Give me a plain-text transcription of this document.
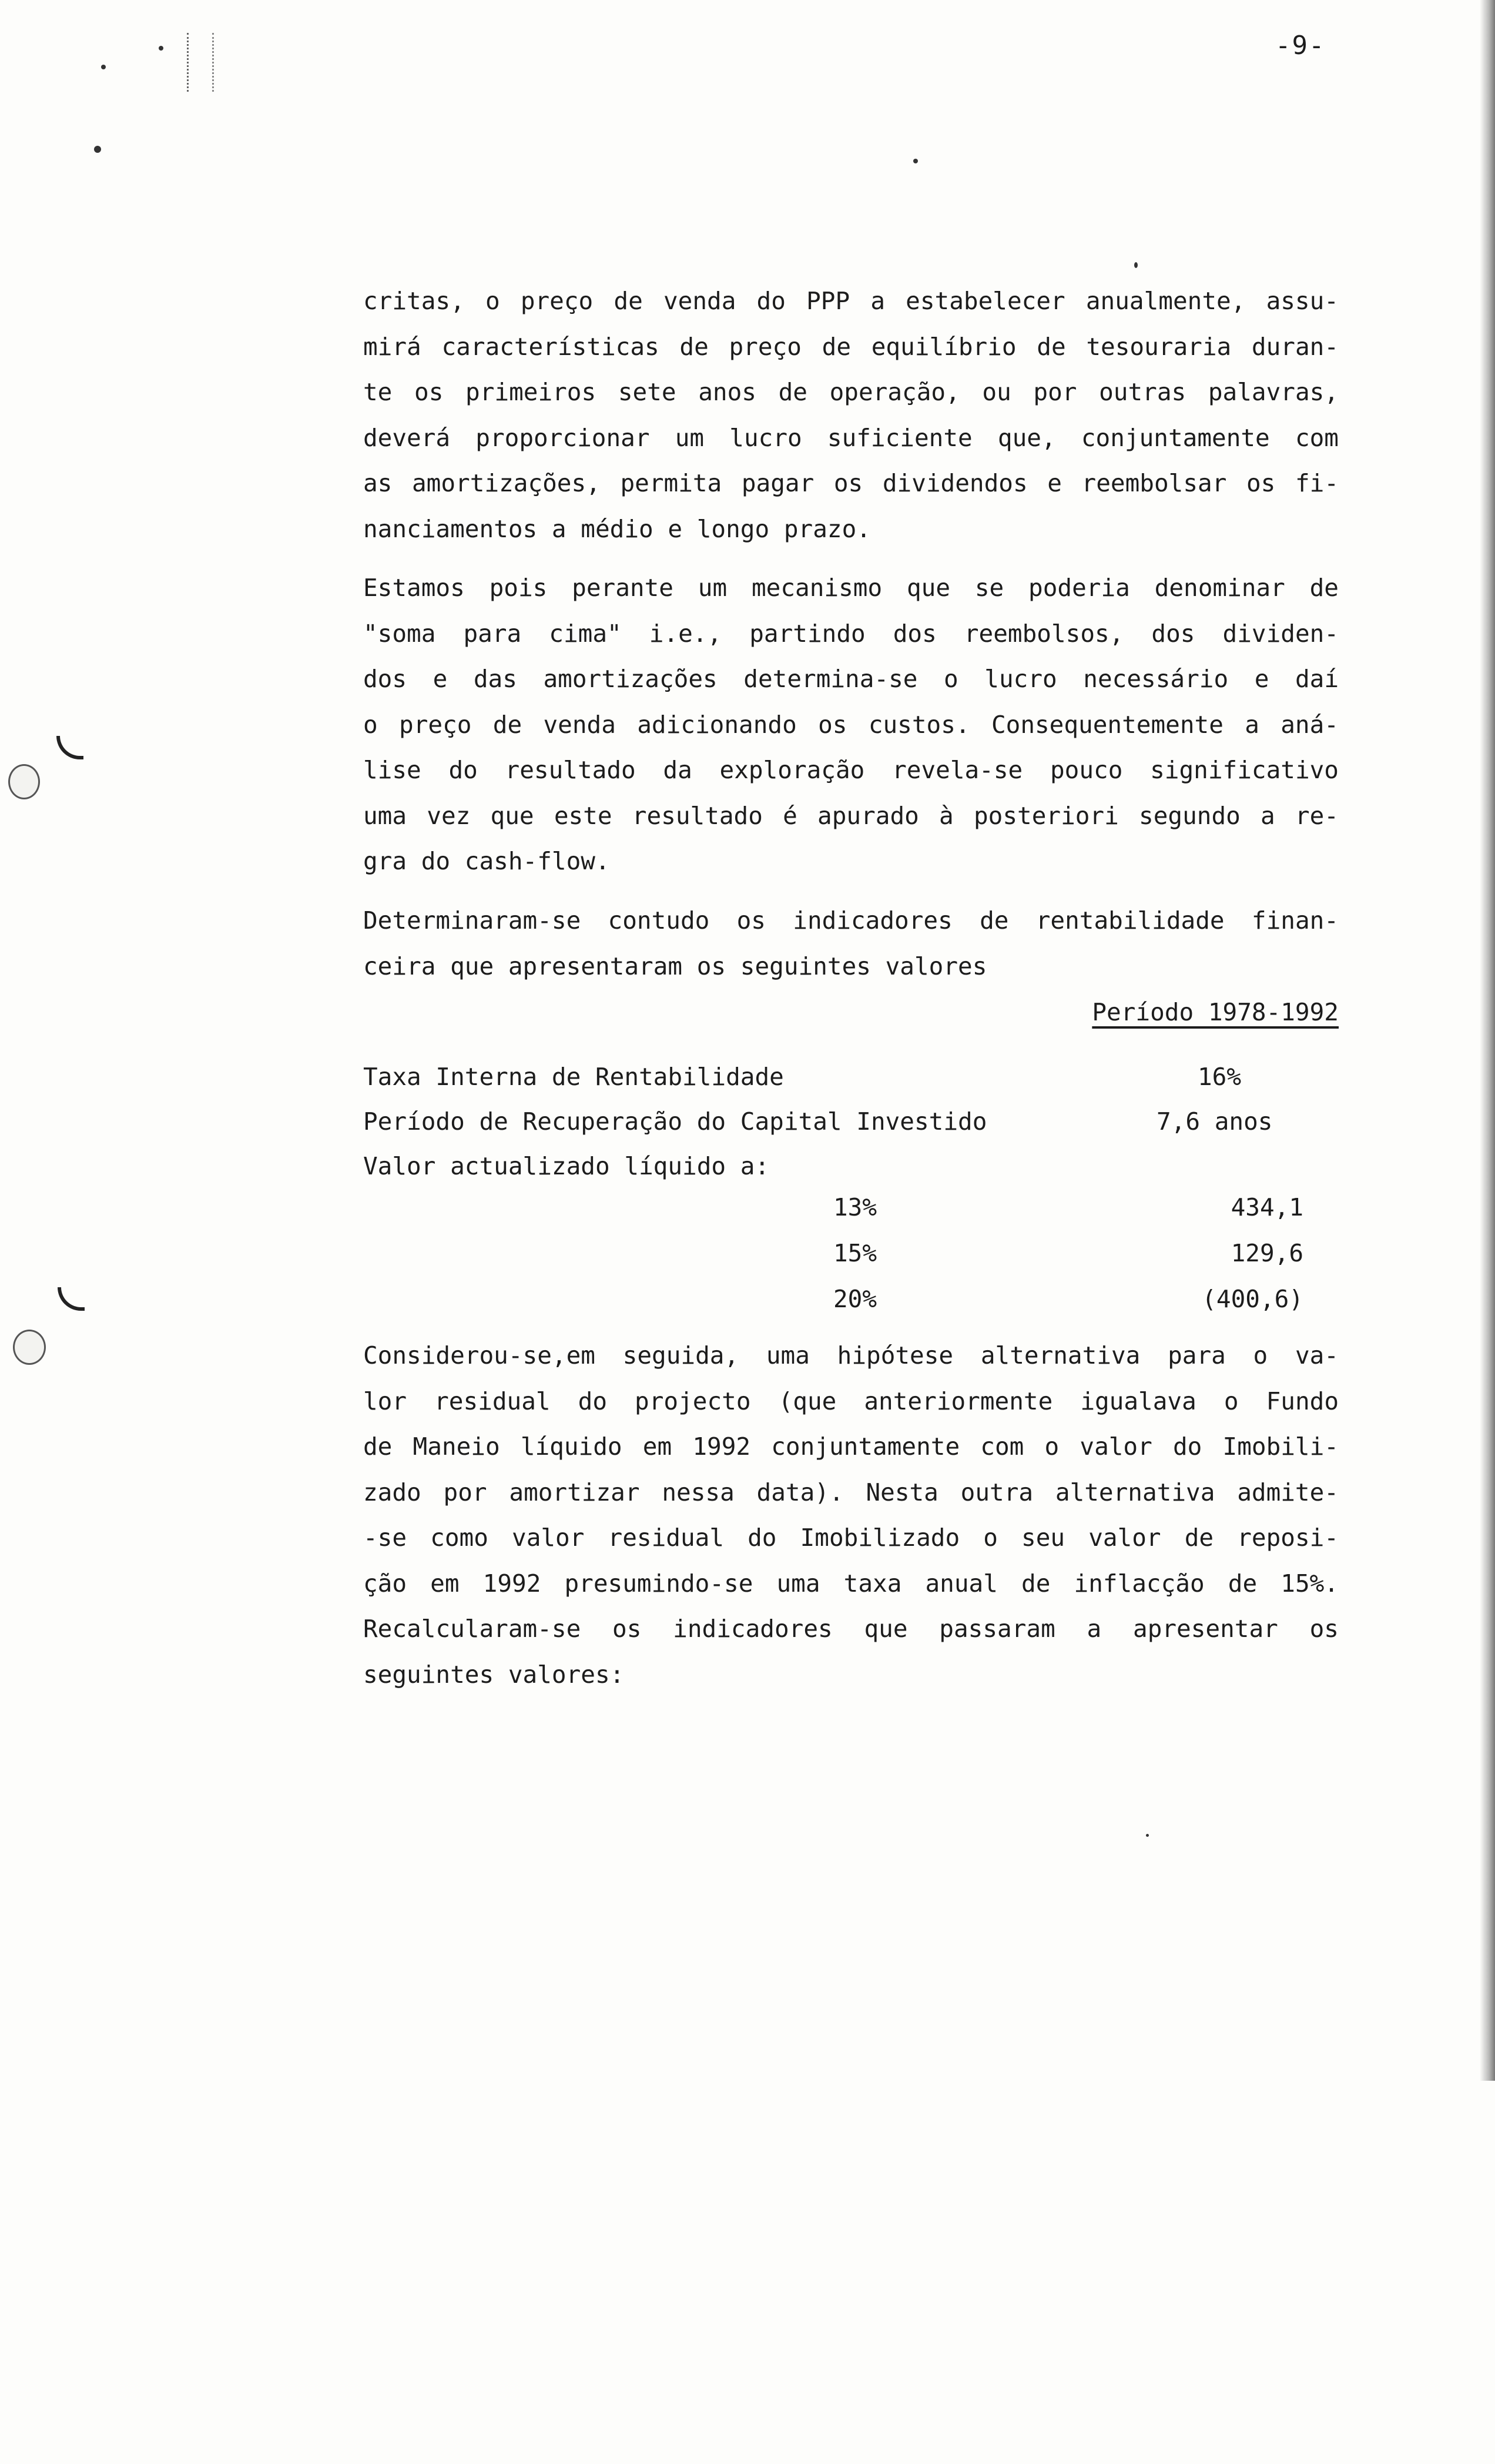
-9-
critas, o preço de venda do PPP a estabelecer anualmente, assu-
mirá características de preço de equilíbrio de tesouraria duran-
te os primeiros sete anos de operação, ou por outras palavras,
deverá proporcionar um lucro suficiente que, conjuntamente com
as amortizações, permita pagar os dividendos e reembolsar os fi-
nanciamentos a médio e longo prazo.
Estamos pois perante um mecanismo que se poderia denominar de
"soma para cima" i.e., partindo dos reembolsos, dos dividen-
dos e das amortizações determina-se o lucro necessário e daí
o preço de venda adicionando os custos. Consequentemente a aná-
lise do resultado da exploração revela-se pouco significativo
uma vez que este resultado é apurado à posteriori segundo a re-
gra do cash-flow.
Determinaram-se contudo os indicadores de rentabilidade finan-
ceira que apresentaram os seguintes valores
Período 1978-1992
Taxa Interna de Rentabilidade	16%
Período de Recuperação do Capital Investido	7,6 anos
Valor actualizado líquido a:
13%	434,1
15%	129,6
20%	(400,6)
Considerou-se,em seguida, uma hipótese alternativa para o va-
lor residual do projecto (que anteriormente igualava o Fundo
de Maneio líquido em 1992 conjuntamente com o valor do Imobili-
zado por amortizar nessa data). Nesta outra alternativa admite-
-se como valor residual do Imobilizado o seu valor de reposi-
ção em 1992 presumindo-se uma taxa anual de inflacção de 15%.
Recalcularam-se os indicadores que passaram a apresentar os
seguintes valores:
